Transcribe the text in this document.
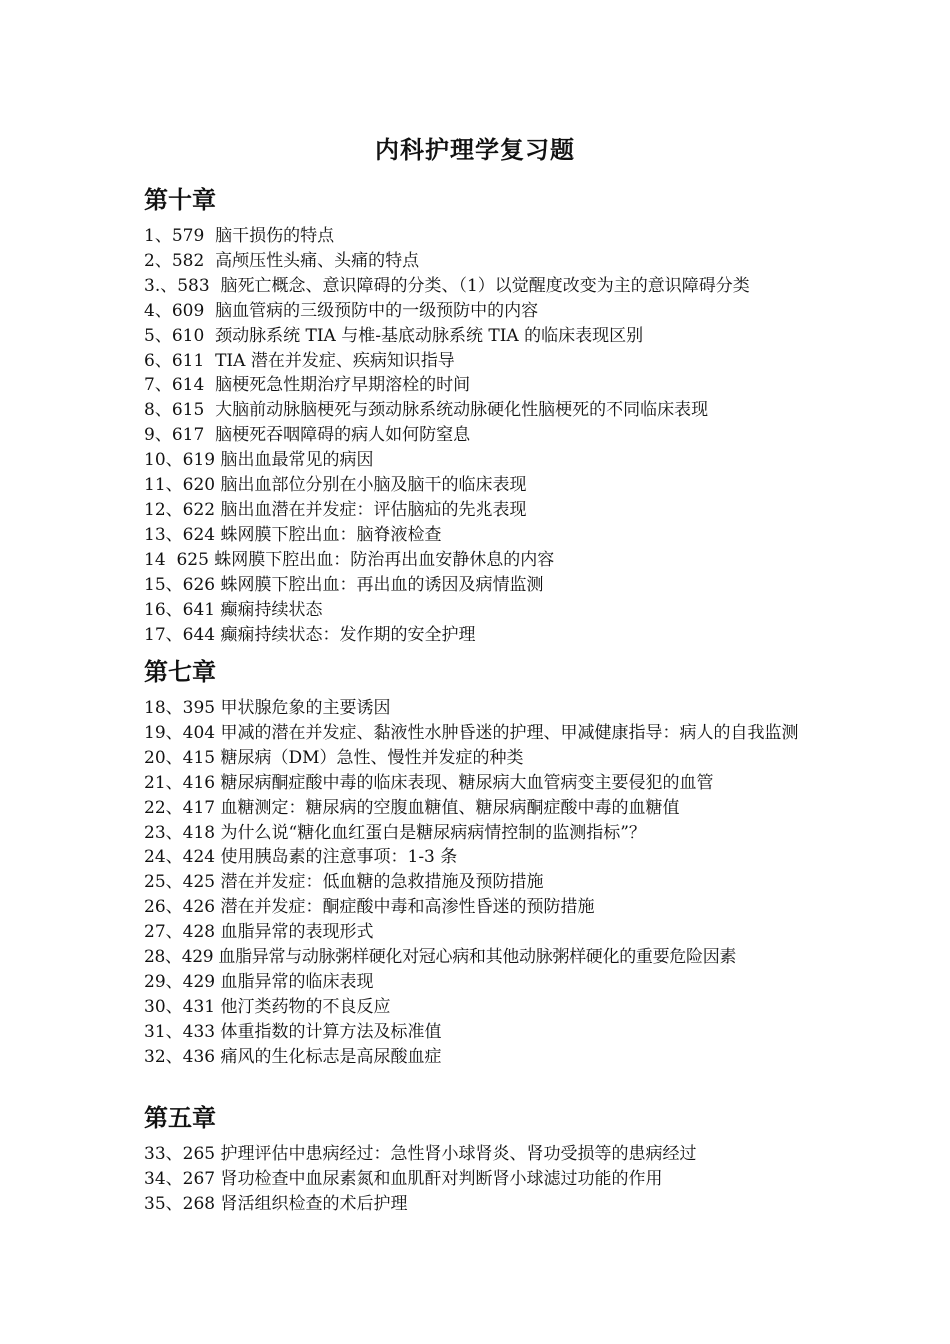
内科护理学复习题
第十章
1、579 脑干损伤的特点
2、582 高颅压性头痛、头痛的特点
3.、583 脑死亡概念、意识障碍的分类、（1）以觉醒度改变为主的意识障碍分类
4、609 脑血管病的三级预防中的一级预防中的内容
5、610 颈动脉系统 TIA 与椎-基底动脉系统 TIA 的临床表现区别
6、611 TIA 潜在并发症、疾病知识指导
7、614 脑梗死急性期治疗早期溶栓的时间
8、615 大脑前动脉脑梗死与颈动脉系统动脉硬化性脑梗死的不同临床表现
9、617 脑梗死吞咽障碍的病人如何防窒息
10、619 脑出血最常见的病因
11、620 脑出血部位分别在小脑及脑干的临床表现
12、622 脑出血潜在并发症：评估脑疝的先兆表现
13、624 蛛网膜下腔出血：脑脊液检查
14  625 蛛网膜下腔出血：防治再出血安静休息的内容
15、626 蛛网膜下腔出血：再出血的诱因及病情监测
16、641 癫痫持续状态
17、644 癫痫持续状态：发作期的安全护理
第七章
18、395 甲状腺危象的主要诱因
19、404 甲减的潜在并发症、黏液性水肿昏迷的护理、甲减健康指导：病人的自我监测
20、415 糖尿病（DM）急性、慢性并发症的种类
21、416 糖尿病酮症酸中毒的临床表现、糖尿病大血管病变主要侵犯的血管
22、417 血糖测定：糖尿病的空腹血糖值、糖尿病酮症酸中毒的血糖值
23、418 为什么说“糖化血红蛋白是糖尿病病情控制的监测指标”？
24、424 使用胰岛素的注意事项：1-3 条
25、425 潜在并发症：低血糖的急救措施及预防措施
26、426 潜在并发症：酮症酸中毒和高渗性昏迷的预防措施
27、428 血脂异常的表现形式
28、429 血脂异常与动脉粥样硬化对冠心病和其他动脉粥样硬化的重要危险因素
29、429 血脂异常的临床表现
30、431 他汀类药物的不良反应
31、433 体重指数的计算方法及标准值
32、436 痛风的生化标志是高尿酸血症
第五章
33、265 护理评估中患病经过：急性肾小球肾炎、肾功受损等的患病经过
34、267 肾功检查中血尿素氮和血肌酐对判断肾小球滤过功能的作用
35、268 肾活组织检查的术后护理
